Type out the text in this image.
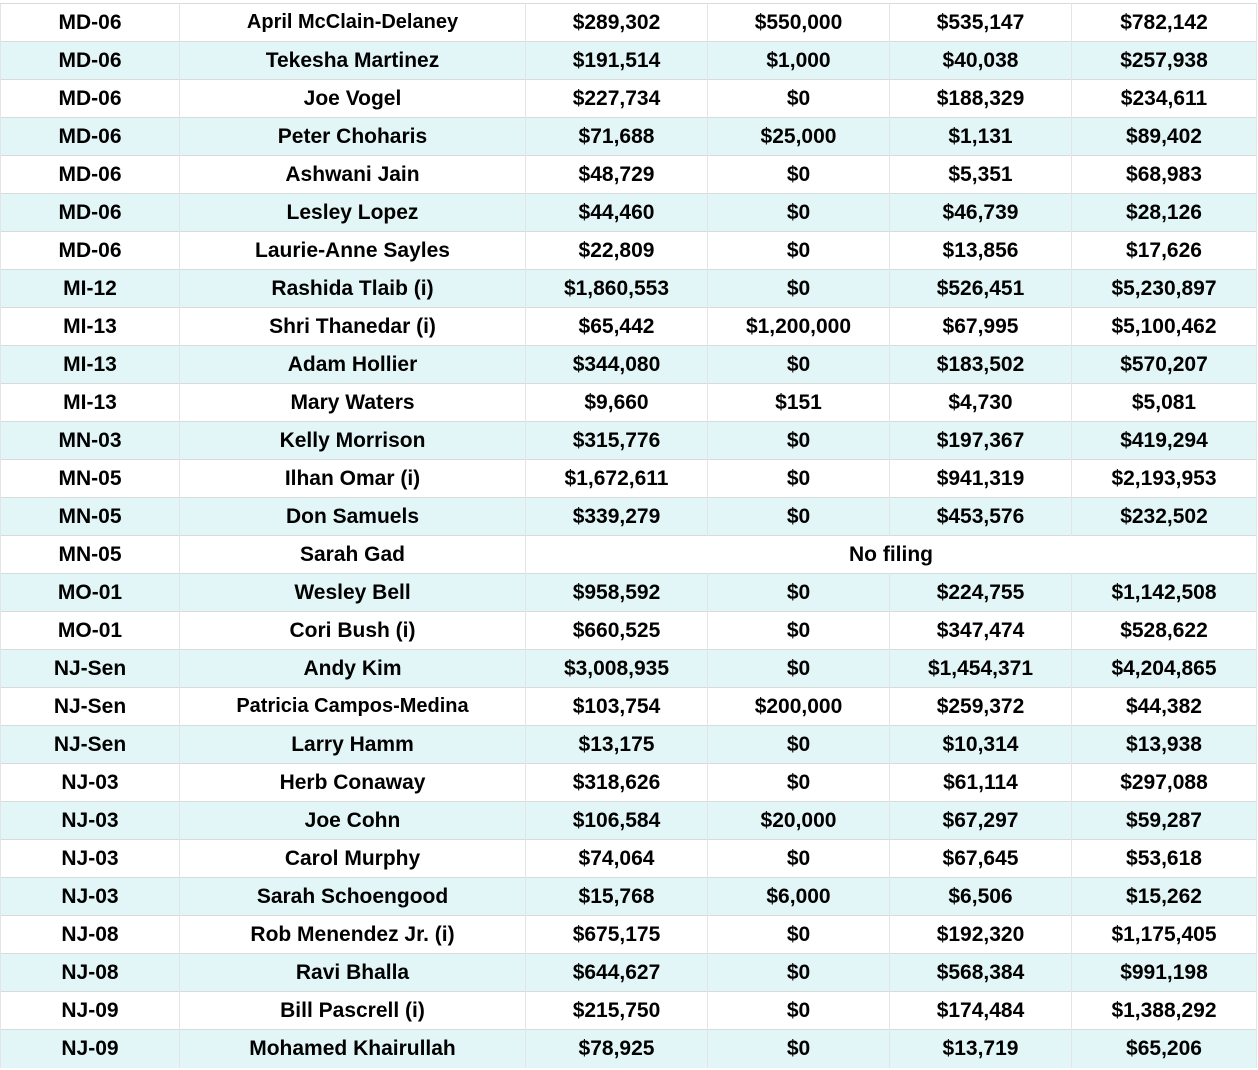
MD-06	April McClain-Delaney	$289,302	$550,000	$535,147	$782,142
MD-06	Tekesha Martinez	$191,514	$1,000	$40,038	$257,938
MD-06	Joe Vogel	$227,734	$0	$188,329	$234,611
MD-06	Peter Choharis	$71,688	$25,000	$1,131	$89,402
MD-06	Ashwani Jain	$48,729	$0	$5,351	$68,983
MD-06	Lesley Lopez	$44,460	$0	$46,739	$28,126
MD-06	Laurie-Anne Sayles	$22,809	$0	$13,856	$17,626
MI-12	Rashida Tlaib (i)	$1,860,553	$0	$526,451	$5,230,897
MI-13	Shri Thanedar (i)	$65,442	$1,200,000	$67,995	$5,100,462
MI-13	Adam Hollier	$344,080	$0	$183,502	$570,207
MI-13	Mary Waters	$9,660	$151	$4,730	$5,081
MN-03	Kelly Morrison	$315,776	$0	$197,367	$419,294
MN-05	Ilhan Omar (i)	$1,672,611	$0	$941,319	$2,193,953
MN-05	Don Samuels	$339,279	$0	$453,576	$232,502
MN-05	Sarah Gad	No filing			
MO-01	Wesley Bell	$958,592	$0	$224,755	$1,142,508
MO-01	Cori Bush (i)	$660,525	$0	$347,474	$528,622
NJ-Sen	Andy Kim	$3,008,935	$0	$1,454,371	$4,204,865
NJ-Sen	Patricia Campos-Medina	$103,754	$200,000	$259,372	$44,382
NJ-Sen	Larry Hamm	$13,175	$0	$10,314	$13,938
NJ-03	Herb Conaway	$318,626	$0	$61,114	$297,088
NJ-03	Joe Cohn	$106,584	$20,000	$67,297	$59,287
NJ-03	Carol Murphy	$74,064	$0	$67,645	$53,618
NJ-03	Sarah Schoengood	$15,768	$6,000	$6,506	$15,262
NJ-08	Rob Menendez Jr. (i)	$675,175	$0	$192,320	$1,175,405
NJ-08	Ravi Bhalla	$644,627	$0	$568,384	$991,198
NJ-09	Bill Pascrell (i)	$215,750	$0	$174,484	$1,388,292
NJ-09	Mohamed Khairullah	$78,925	$0	$13,719	$65,206
